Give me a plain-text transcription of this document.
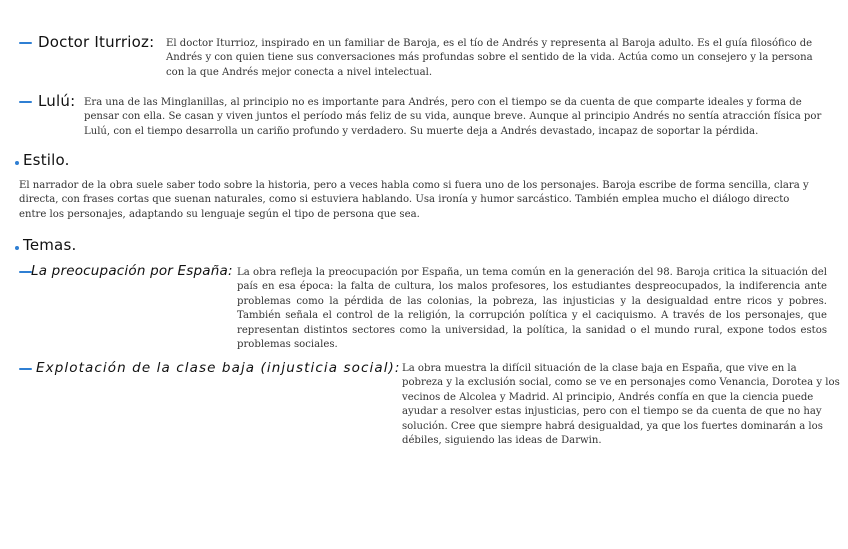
Doctor Iturrioz: El doctor Iturrioz, inspirado en un familiar de Baroja, es el tío de Andrés y representa al Baroja adulto. Es el guía filosófico de Andrés y con quien tiene sus conversaciones más profundas sobre el sentido de la vida. Actúa como un consejero y la persona con la que Andrés mejor conecta a nivel intelectual.
Lulú: Era una de las Minglanillas, al principio no es importante para Andrés, pero con el tiempo se da cuenta de que comparte ideales y forma de pensar con ella. Se casan y viven juntos el período más feliz de su vida, aunque breve. Aunque al principio Andrés no sentía atracción física por Lulú, con el tiempo desarrolla un cariño profundo y verdadero. Su muerte deja a Andrés devastado, incapaz de soportar la pérdida.
Estilo.
El narrador de la obra suele saber todo sobre la historia, pero a veces habla como si fuera uno de los personajes. Baroja escribe de forma sencilla, clara y directa, con frases cortas que suenan naturales, como si estuviera hablando. Usa ironía y humor sarcástico. También emplea mucho el diálogo directo entre los personajes, adaptando su lenguaje según el tipo de persona que sea.
Temas.
La preocupación por España: La obra refleja la preocupación por España, un tema común en la generación del 98. Baroja critica la situación del país en esa época: la falta de cultura, los malos profesores, los estudiantes despreocupados, la indiferencia ante problemas como la pérdida de las colonias, la pobreza, las injusticias y la desigualdad entre ricos y pobres. También señala el control de la religión, la corrupción política y el caciquismo. A través de los personajes, que representan distintos sectores como la universidad, la política, la sanidad o el mundo rural, expone todos estos problemas sociales.
Explotación de la clase baja (injusticia social): La obra muestra la difícil situación de la clase baja en España, que vive en la pobreza y la exclusión social, como se ve en personajes como Venancia, Dorotea y los vecinos de Alcolea y Madrid. Al principio, Andrés confía en que la ciencia puede ayudar a resolver estas injusticias, pero con el tiempo se da cuenta de que no hay solución. Cree que siempre habrá desigualdad, ya que los fuertes dominarán a los débiles, siguiendo las ideas de Darwin.
